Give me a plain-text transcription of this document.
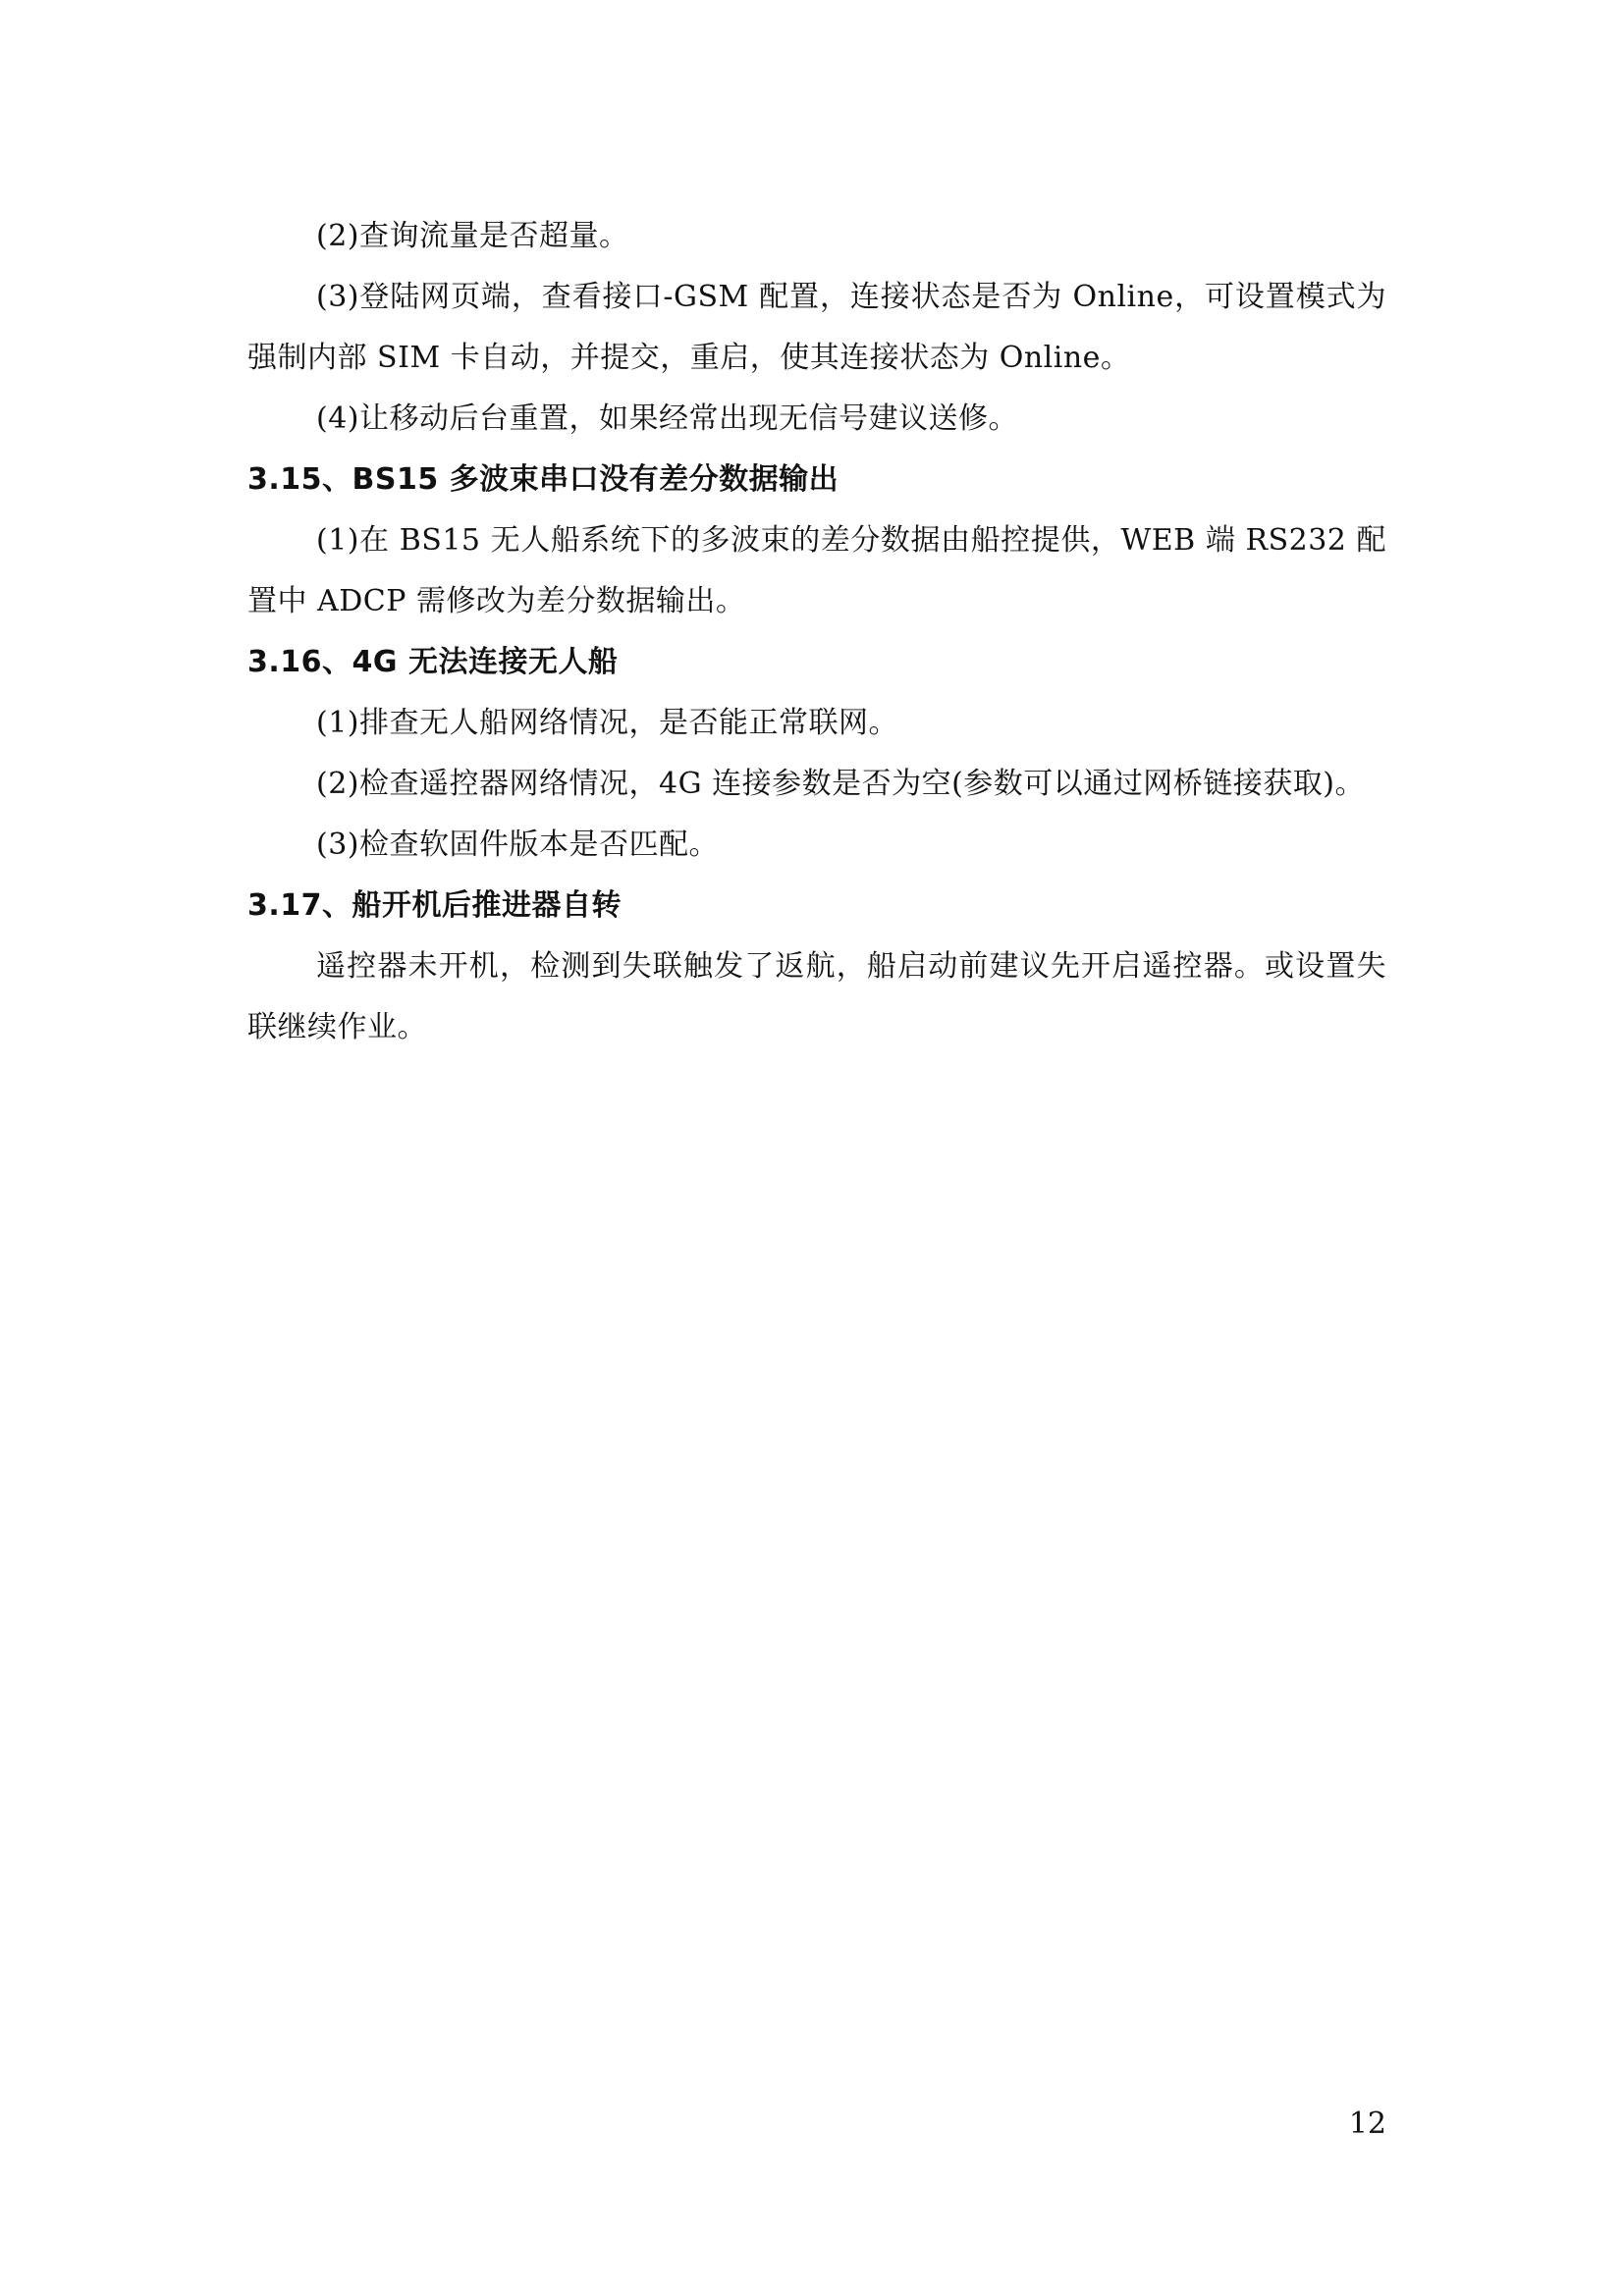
(2)查询流量是否超量。

(3)登陆网页端，查看接口-GSM 配置，连接状态是否为 Online，可设置模式为强制内部 SIM 卡自动，并提交，重启，使其连接状态为 Online。

(4)让移动后台重置，如果经常出现无信号建议送修。

3.15、BS15 多波束串口没有差分数据输出

(1)在 BS15 无人船系统下的多波束的差分数据由船控提供，WEB 端 RS232 配置中 ADCP 需修改为差分数据输出。

3.16、4G 无法连接无人船

(1)排查无人船网络情况，是否能正常联网。

(2)检查遥控器网络情况，4G 连接参数是否为空(参数可以通过网桥链接获取)。

(3)检查软固件版本是否匹配。

3.17、船开机后推进器自转

遥控器未开机，检测到失联触发了返航，船启动前建议先开启遥控器。或设置失联继续作业。

12
